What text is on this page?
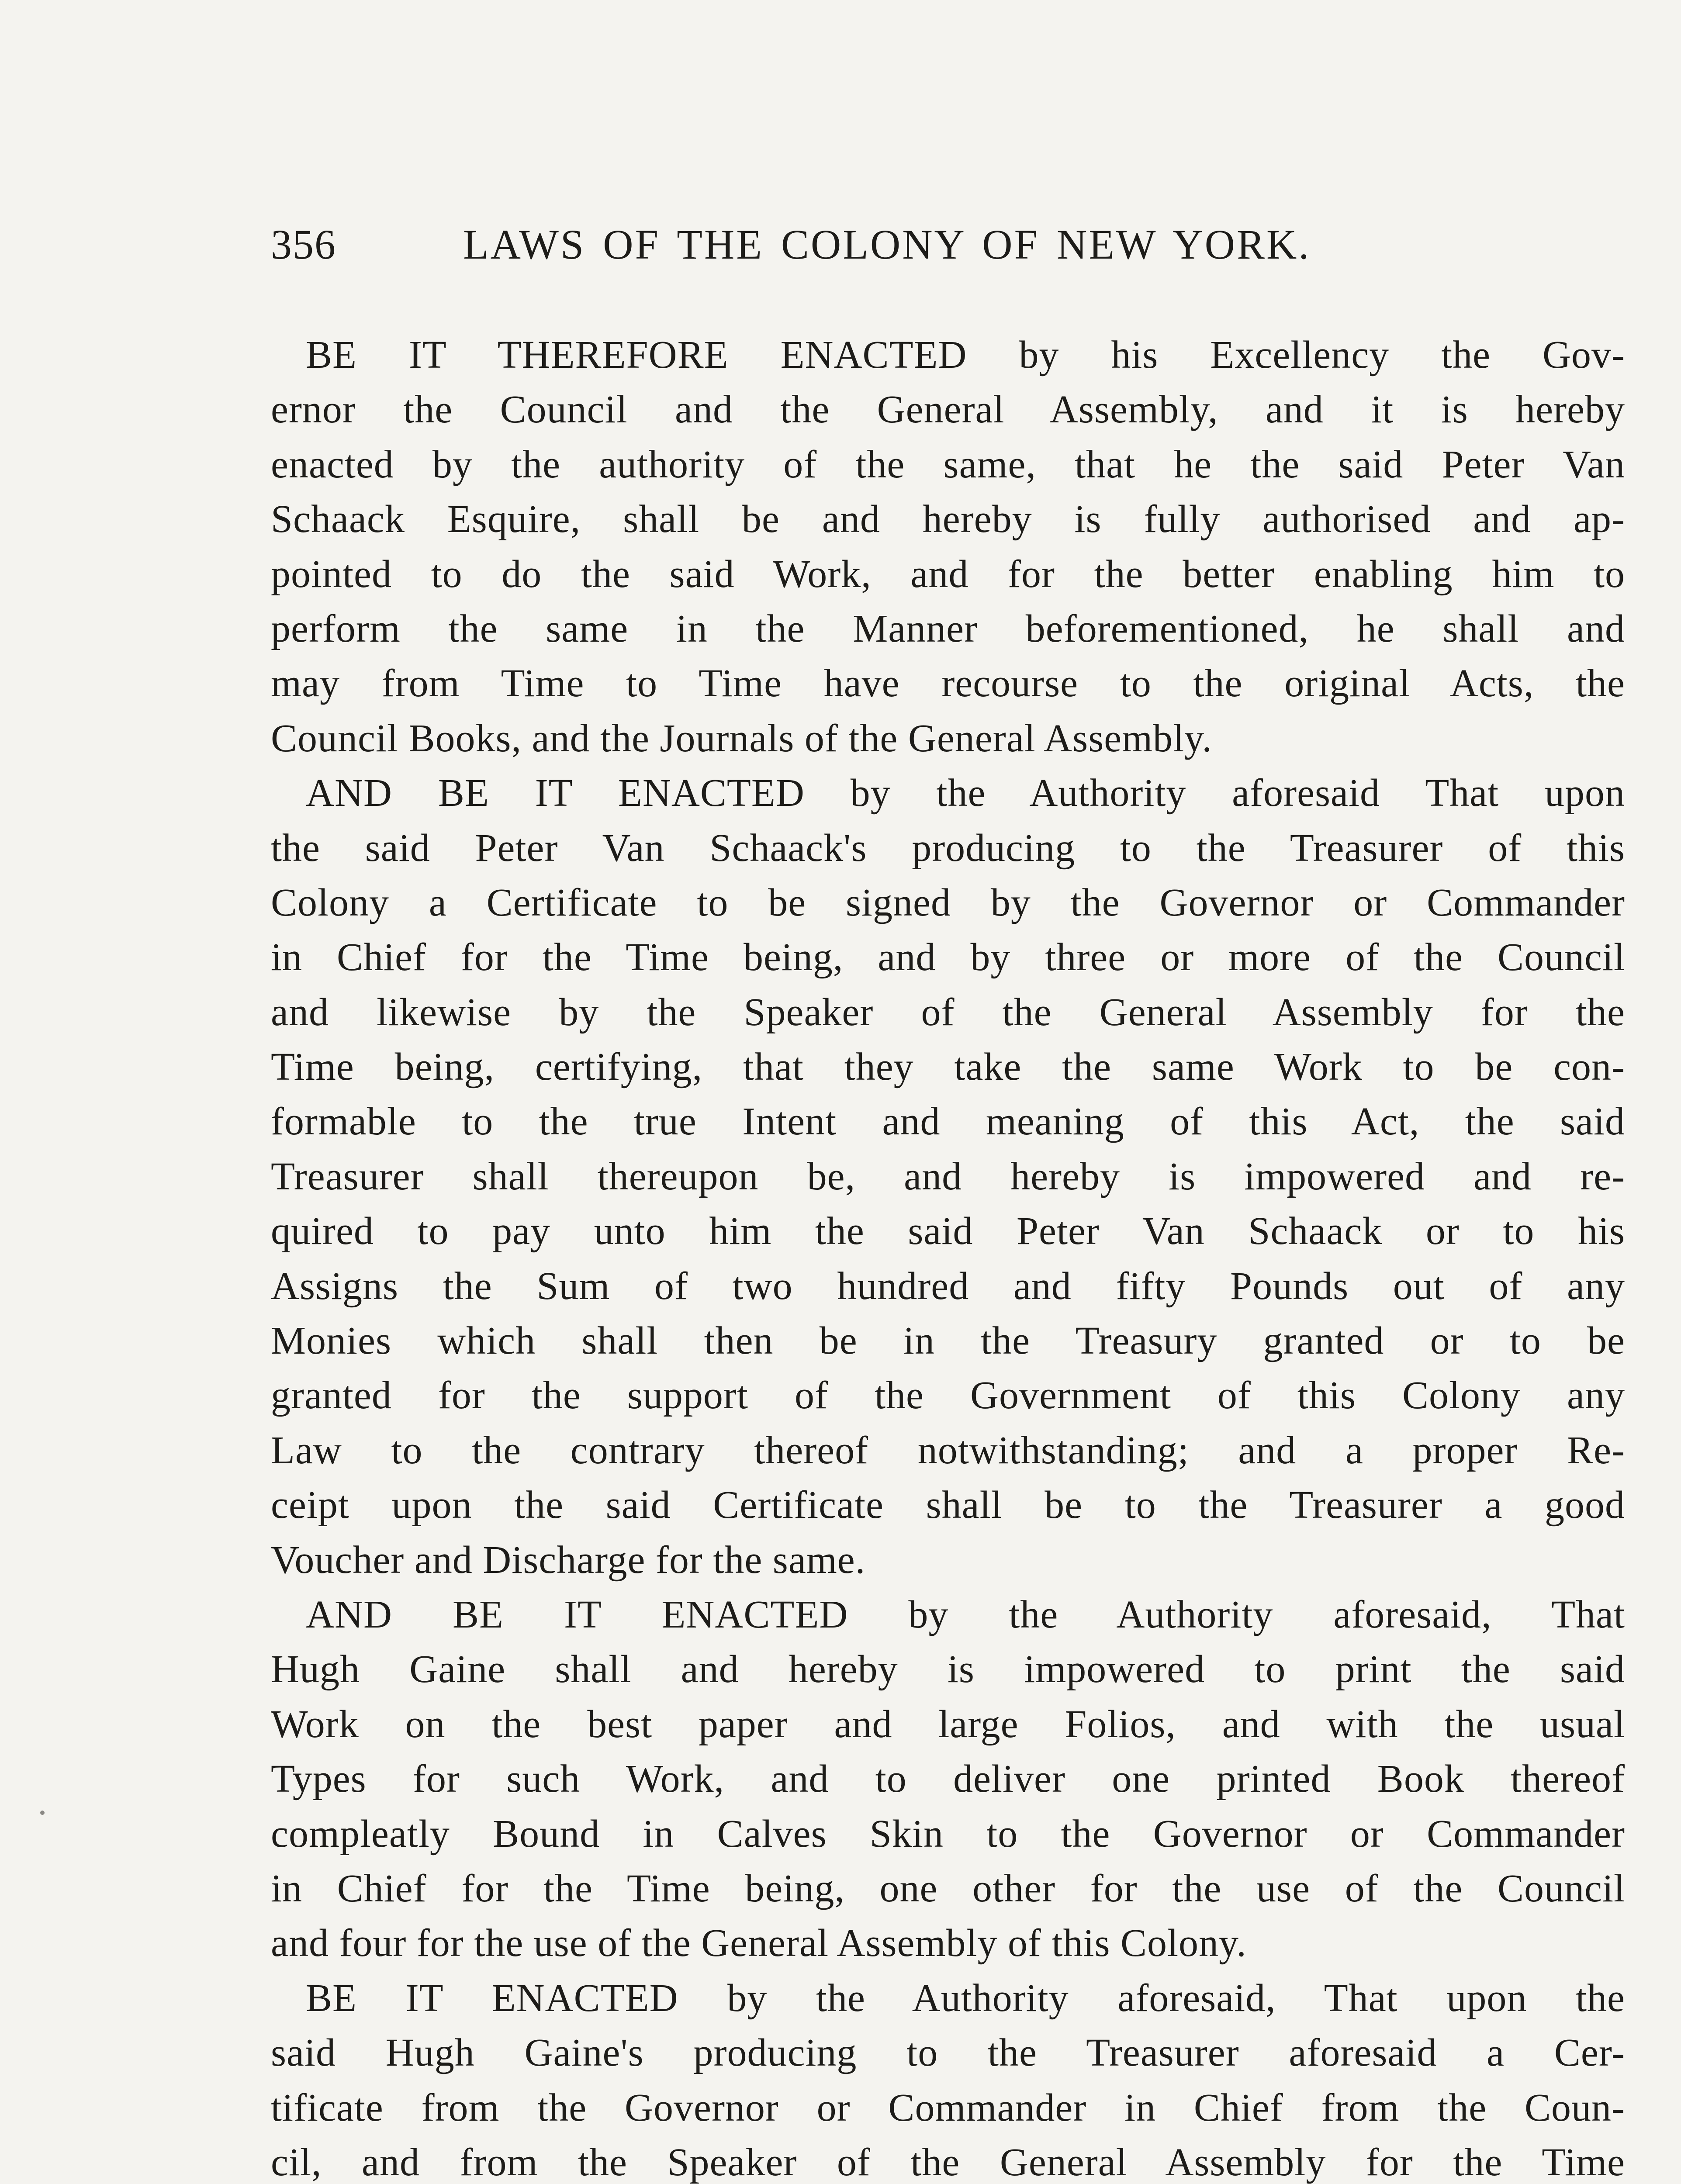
356	LAWS OF THE COLONY OF NEW YORK.
BE IT THEREFORE ENACTED by his Excellency the Gov-
ernor the Council and the General Assembly, and it is hereby
enacted by the authority of the same, that he the said Peter Van
Schaack Esquire, shall be and hereby is fully authorised and ap-
pointed to do the said Work, and for the better enabling him to
perform the same in the Manner beforementioned, he shall and
may from Time to Time have recourse to the original Acts, the
Council Books, and the Journals of the General Assembly.
AND BE IT ENACTED by the Authority aforesaid That upon
the said Peter Van Schaack's producing to the Treasurer of this
Colony a Certificate to be signed by the Governor or Commander
in Chief for the Time being, and by three or more of the Council
and likewise by the Speaker of the General Assembly for the
Time being, certifying, that they take the same Work to be con-
formable to the true Intent and meaning of this Act, the said
Treasurer shall thereupon be, and hereby is impowered and re-
quired to pay unto him the said Peter Van Schaack or to his
Assigns the Sum of two hundred and fifty Pounds out of any
Monies which shall then be in the Treasury granted or to be
granted for the support of the Government of this Colony any
Law to the contrary thereof notwithstanding; and a proper Re-
ceipt upon the said Certificate shall be to the Treasurer a good
Voucher and Discharge for the same.
AND BE IT ENACTED by the Authority aforesaid, That
Hugh Gaine shall and hereby is impowered to print the said
Work on the best paper and large Folios, and with the usual
Types for such Work, and to deliver one printed Book thereof
compleatly Bound in Calves Skin to the Governor or Commander
in Chief for the Time being, one other for the use of the Council
and four for the use of the General Assembly of this Colony.
BE IT ENACTED by the Authority aforesaid, That upon the
said Hugh Gaine's producing to the Treasurer aforesaid a Cer-
tificate from the Governor or Commander in Chief from the Coun-
cil, and from the Speaker of the General Assembly for the Time
